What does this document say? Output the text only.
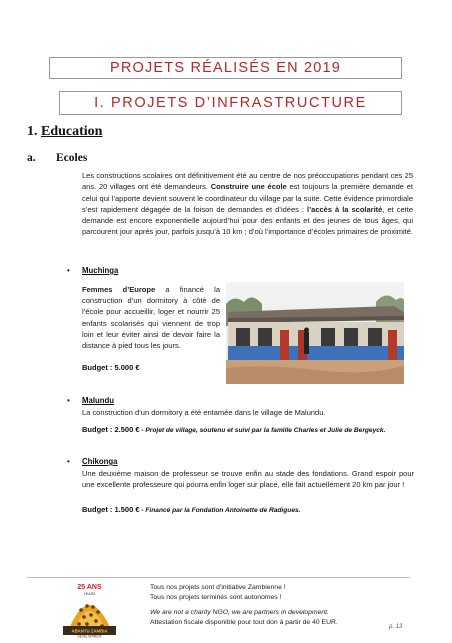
PROJETS RÉALISÉS EN 2019
I. PROJETS D’INFRASTRUCTURE
1. Education
a. Ecoles
Les constructions scolaires ont définitivement été au centre de nos préoccupations pendant ces 25 ans. 20 villages ont été demandeurs. Construire une école est toujours la première demande et celui qui l’apporte devient souvent le coordinateur du village par la suite. Cette évidence primordiale s’est rapidement dégagée de la foison de demandes et d’idées : l’accès à la scolarité, et cette demande est encore exponentielle aujourd’hui pour des enfants et des jeunes de tous âges, qui parcourent jour après jour, parfois jusqu’à 10 km ; d’où l’importance d’écoles primaires de proximité.
• Muchinga
Femmes d’Europe a financé la construction d’un dormitory à côté de l’école pour accueillir, loger et nourrir 25 enfants scolarisés qui viennent de trop loin et leur éviter ainsi de devoir faire la distance à pied tous les jours.
Budget : 5.000 €
• Malundu
La construction d’un dormitory a été entamée dans le village de Malundu.
Budget : 2.500 € - Projet de village, soutenu et suivi par la famille Charles et Julie de Bergeyck.
• Chikonga
Une deuxième maison de professeur se trouve enfin au stade des fondations. Grand espoir pour une excellente professeure qui pourra enfin loger sur place, elle fait actuellement 20 km par jour !
Budget : 1.500 € - Financé par la Fondation Antoinette de Radigues.
25 ANS
YEARS
ABANTU ZAMBIA
DEVELOPMENT
Tous nos projets sont d’initiative Zambienne !
Tous nos projets terminés sont autonomes !
We are not a charity NGO, we are partners in development.
Attestation fiscale disponible pour tout don à partir de 40 EUR.
p. 13
